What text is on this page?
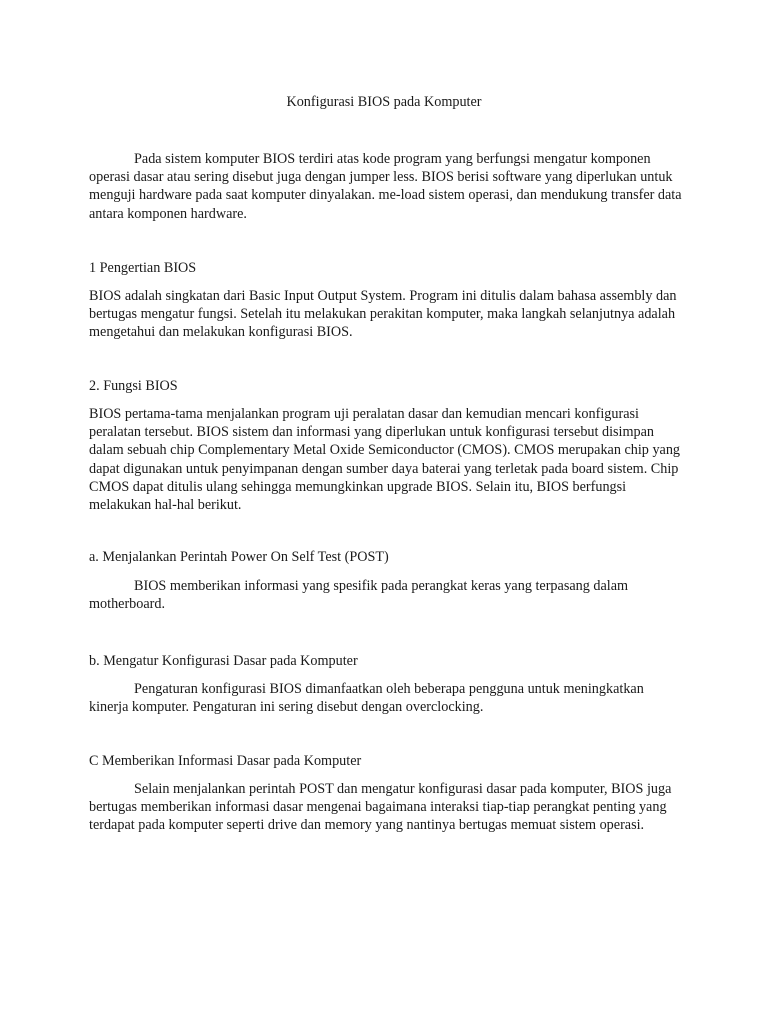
Konfigurasi BIOS pada Komputer

Pada sistem komputer BIOS terdiri atas kode program yang berfungsi mengatur komponen operasi dasar atau sering disebut juga dengan jumper less. BIOS berisi software yang diperlukan untuk menguji hardware pada saat komputer dinyalakan. me-load sistem operasi, dan mendukung transfer data antara komponen hardware.

1 Pengertian BIOS

BIOS adalah singkatan dari Basic Input Output System. Program ini ditulis dalam bahasa assembly dan bertugas mengatur fungsi. Setelah itu melakukan perakitan komputer, maka langkah selanjutnya adalah mengetahui dan melakukan konfigurasi BIOS.

2. Fungsi BIOS

BIOS pertama-tama menjalankan program uji peralatan dasar dan kemudian mencari konfigurasi peralatan tersebut. BIOS sistem dan informasi yang diperlukan untuk konfigurasi tersebut disimpan dalam sebuah chip Complementary Metal Oxide Semiconductor (CMOS). CMOS merupakan chip yang dapat digunakan untuk penyimpanan dengan sumber daya baterai yang terletak pada board sistem. Chip CMOS dapat ditulis ulang sehingga memungkinkan upgrade BIOS. Selain itu, BIOS berfungsi melakukan hal-hal berikut.

a. Menjalankan Perintah Power On Self Test (POST)

BIOS memberikan informasi yang spesifik pada perangkat keras yang terpasang dalam motherboard.

b. Mengatur Konfigurasi Dasar pada Komputer

Pengaturan konfigurasi BIOS dimanfaatkan oleh beberapa pengguna untuk meningkatkan kinerja komputer. Pengaturan ini sering disebut dengan overclocking.

C Memberikan Informasi Dasar pada Komputer

Selain menjalankan perintah POST dan mengatur konfigurasi dasar pada komputer, BIOS juga bertugas memberikan informasi dasar mengenai bagaimana interaksi tiap-tiap perangkat penting yang terdapat pada komputer seperti drive dan memory yang nantinya bertugas memuat sistem operasi.
